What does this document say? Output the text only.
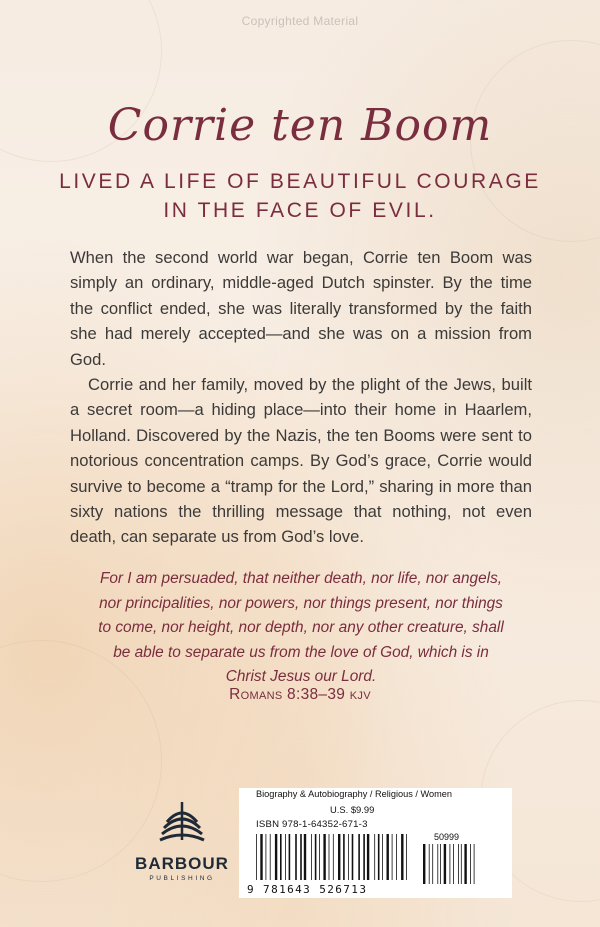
Copyrighted Material
Corrie ten Boom
LIVED A LIFE OF BEAUTIFUL COURAGE
IN THE FACE OF EVIL.

When the second world war began, Corrie ten Boom was simply an ordinary, middle-aged Dutch spinster. By the time the conflict ended, she was literally transformed by the faith she had merely accepted—and she was on a mission from God.

Corrie and her family, moved by the plight of the Jews, built a secret room—a hiding place—into their home in Haarlem, Holland. Discovered by the Nazis, the ten Booms were sent to notorious concentration camps. By God’s grace, Corrie would survive to become a “tramp for the Lord,” sharing in more than sixty nations the thrilling message that nothing, not even death, can separate us from God’s love.

For I am persuaded, that neither death, nor life, nor angels, nor principalities, nor powers, nor things present, nor things to come, nor height, nor depth, nor any other creature, shall be able to separate us from the love of God, which is in Christ Jesus our Lord.
Romans 8:38–39 kjv
BARBOUR
PUBLISHING
Biography & Autobiography / Religious / Women
U.S. $9.99
ISBN 978-1-64352-671-3
50999
9 781643 526713
